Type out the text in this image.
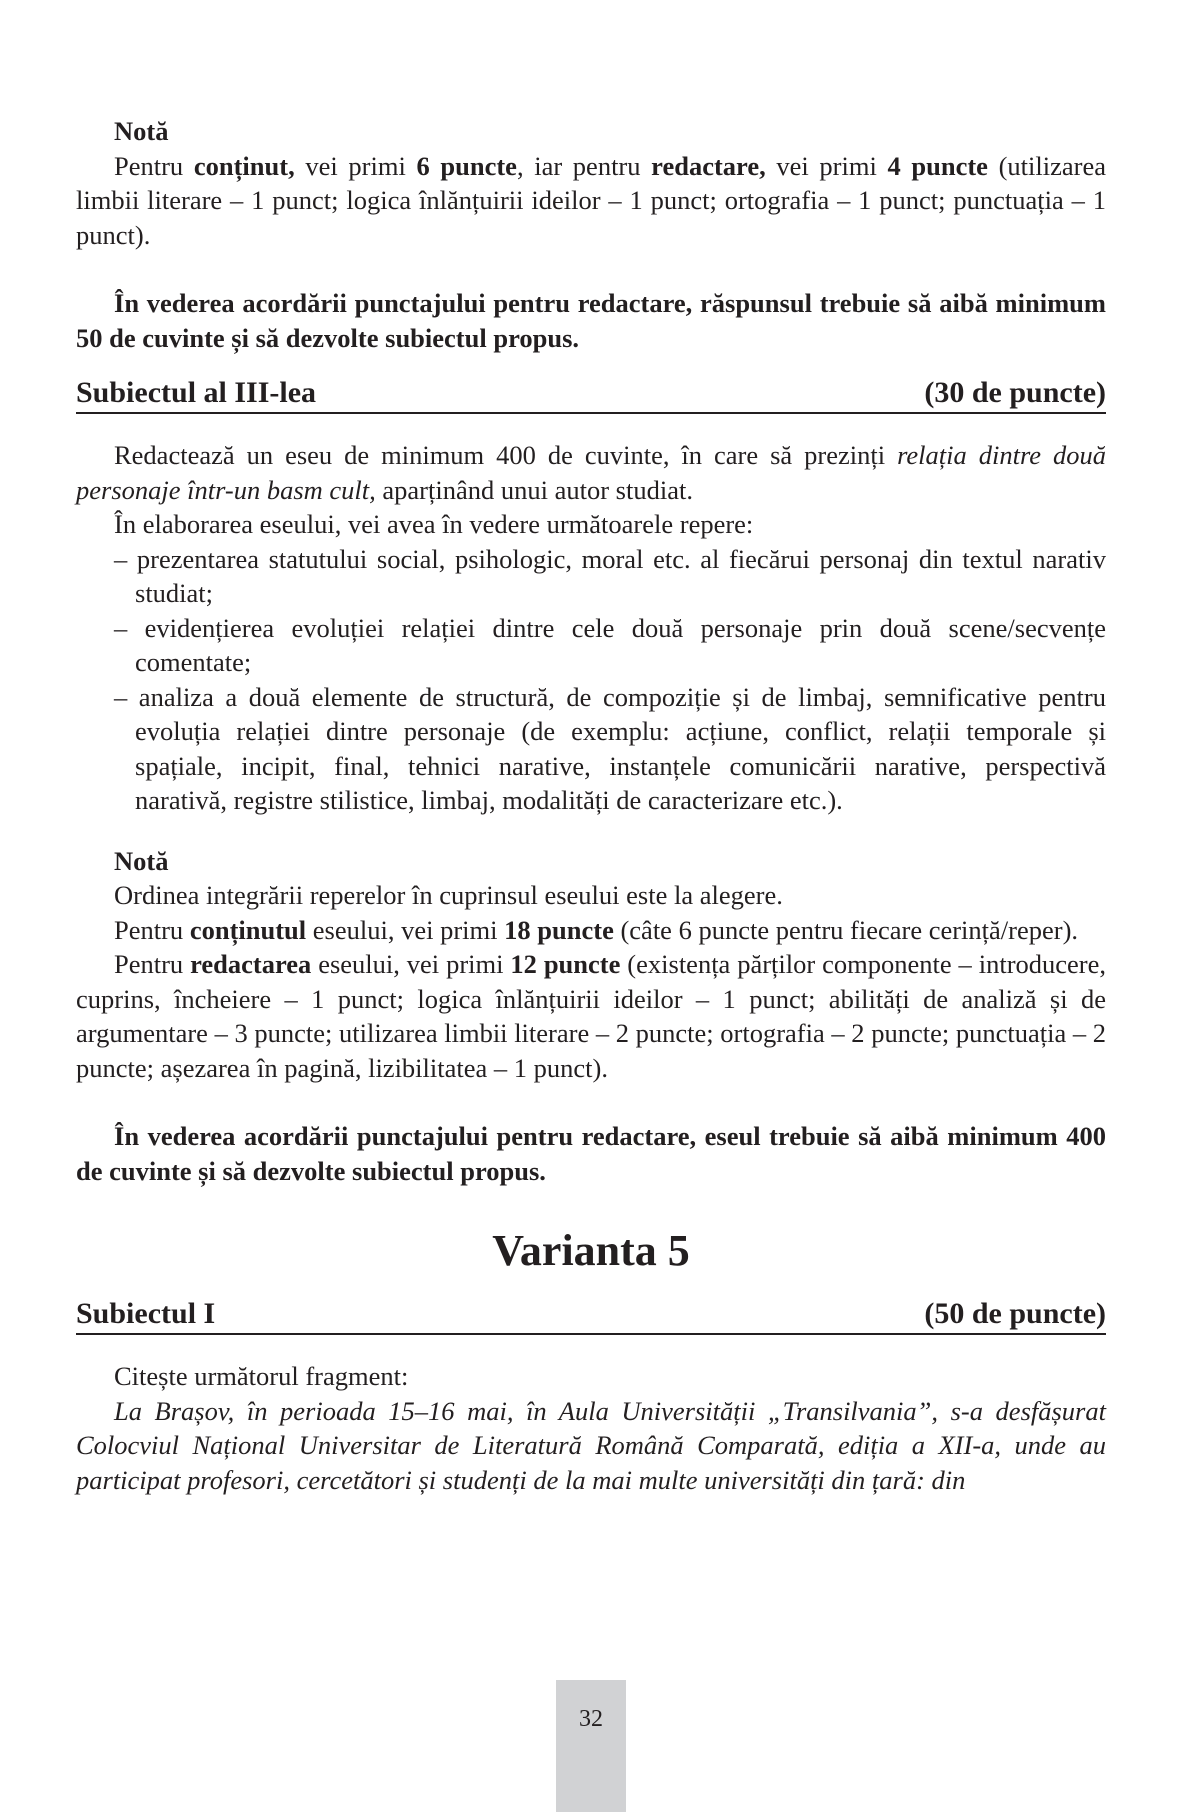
Notă

Pentru conținut, vei primi 6 puncte, iar pentru redactare, vei primi 4 puncte (utilizarea limbii literare – 1 punct; logica înlănțuirii ideilor – 1 punct; ortografia – 1 punct; punctuația – 1 punct).

În vederea acordării punctajului pentru redactare, răspunsul trebuie să aibă minimum 50 de cuvinte și să dezvolte subiectul propus.

Subiectul al III-lea	(30 de puncte)

Redactează un eseu de minimum 400 de cuvinte, în care să prezinți relația dintre două personaje într-un basm cult, aparținând unui autor studiat.

În elaborarea eseului, vei avea în vedere următoarele repere:

– prezentarea statutului social, psihologic, moral etc. al fiecărui personaj din textul narativ studiat;

– evidențierea evoluției relației dintre cele două personaje prin două scene/secvențe comentate;

– analiza a două elemente de structură, de compoziție și de limbaj, semnificative pentru evoluția relației dintre personaje (de exemplu: acțiune, conflict, relații temporale și spațiale, incipit, final, tehnici narative, instanțele comunicării narative, perspectivă narativă, registre stilistice, limbaj, modalități de caracterizare etc.).

Notă

Ordinea integrării reperelor în cuprinsul eseului este la alegere.

Pentru conținutul eseului, vei primi 18 puncte (câte 6 puncte pentru fiecare cerință/reper).

Pentru redactarea eseului, vei primi 12 puncte (existența părților componente – introducere, cuprins, încheiere – 1 punct; logica înlănțuirii ideilor – 1 punct; abilități de analiză și de argumentare – 3 puncte; utilizarea limbii literare – 2 puncte; ortografia – 2 puncte; punctuația – 2 puncte; așezarea în pagină, lizibilitatea – 1 punct).

În vederea acordării punctajului pentru redactare, eseul trebuie să aibă minimum 400 de cuvinte și să dezvolte subiectul propus.

Varianta 5

Subiectul I	(50 de puncte)

Citește următorul fragment:

La Brașov, în perioada 15–16 mai, în Aula Universității „Transilvania”, s-a desfășurat Colocviul Național Universitar de Literatură Română Comparată, ediția a XII-a, unde au participat profesori, cercetători și studenți de la mai multe universități din țară: din

32
